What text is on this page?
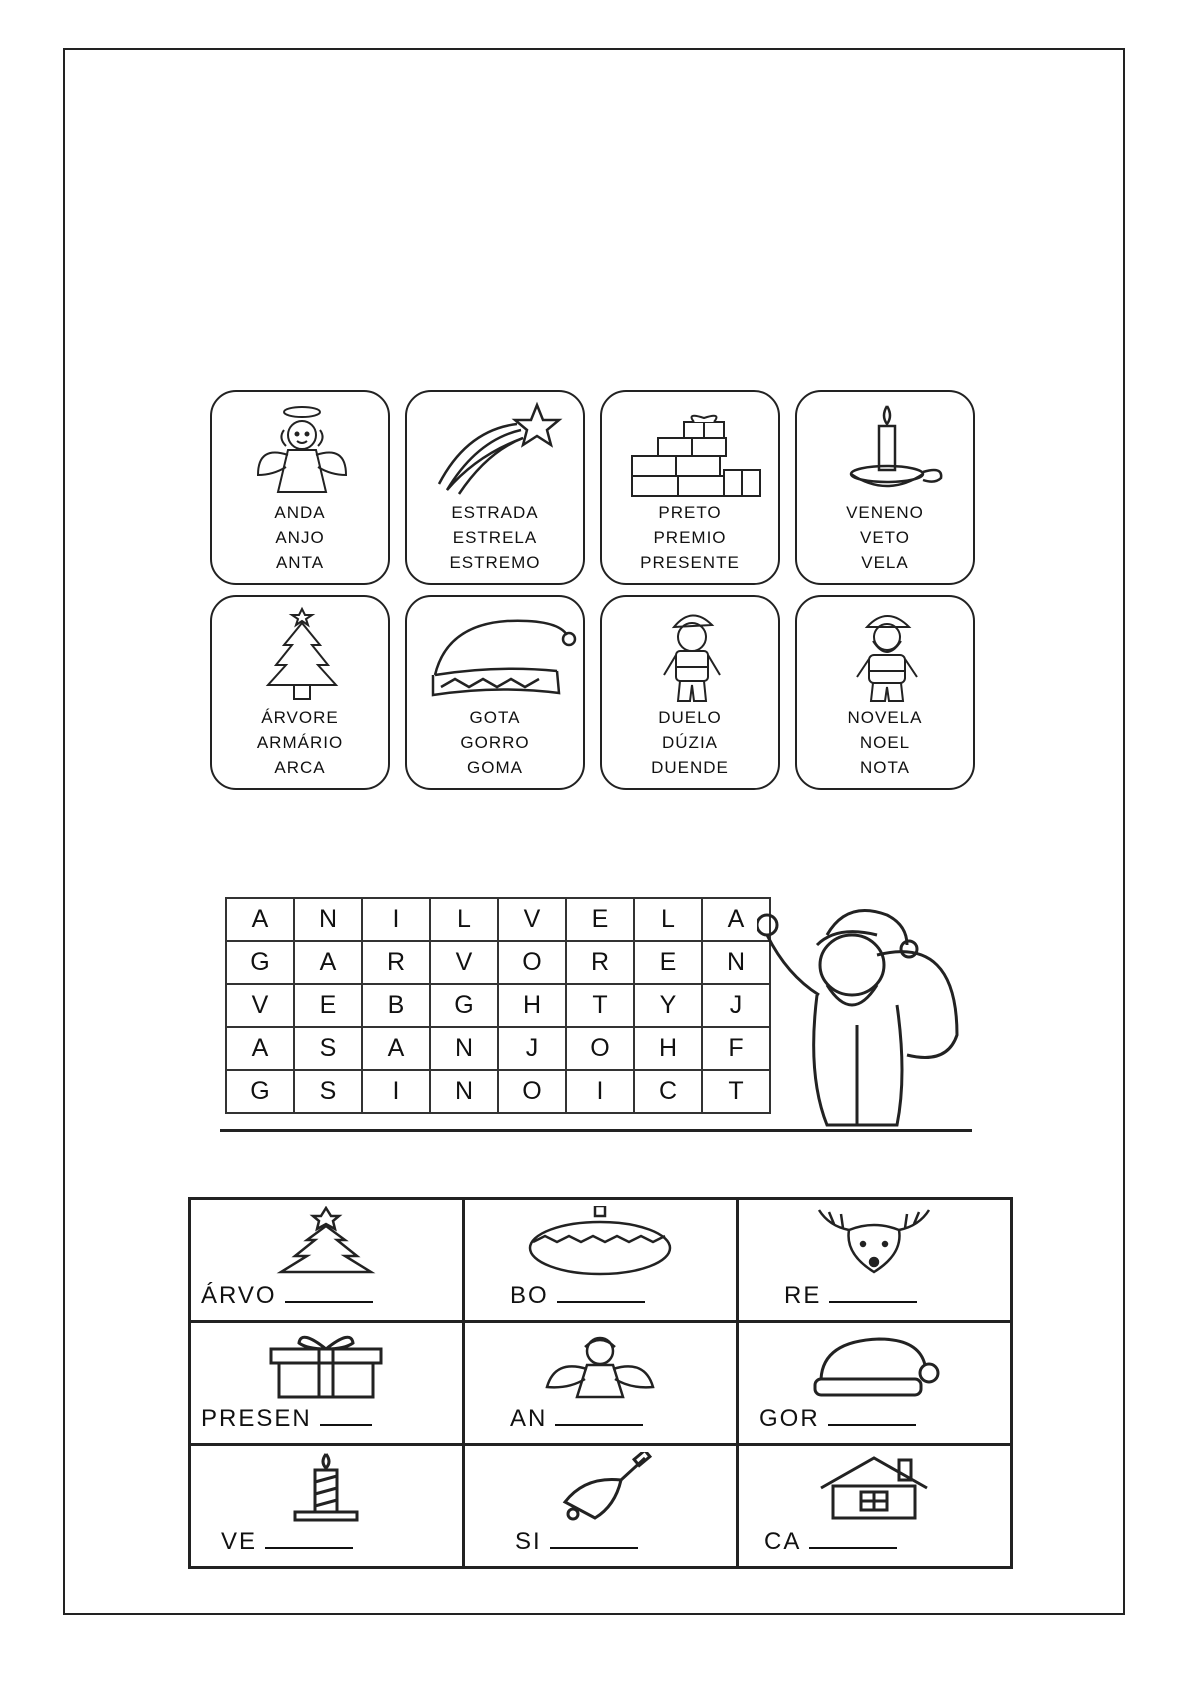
ANDA
ANJO
ANTA
ESTRADA
ESTRELA
ESTREMO
PRETO
PREMIO
PRESENTE
VENENO
VETO
VELA
ÁRVORE
ARMÁRIO
ARCA
GOTA
GORRO
GOMA
DUELO
DÚZIA
DUENDE
NOVELA
NOEL
NOTA
A	N	I	L	V	E	L	A
G	A	R	V	O	R	E	N
V	E	B	G	H	T	Y	J
A	S	A	N	J	O	H	F
G	S	I	N	O	I	C	T
ÁRVO	BO	RE

PRESEN	AN	GOR

VE	SI	CA
